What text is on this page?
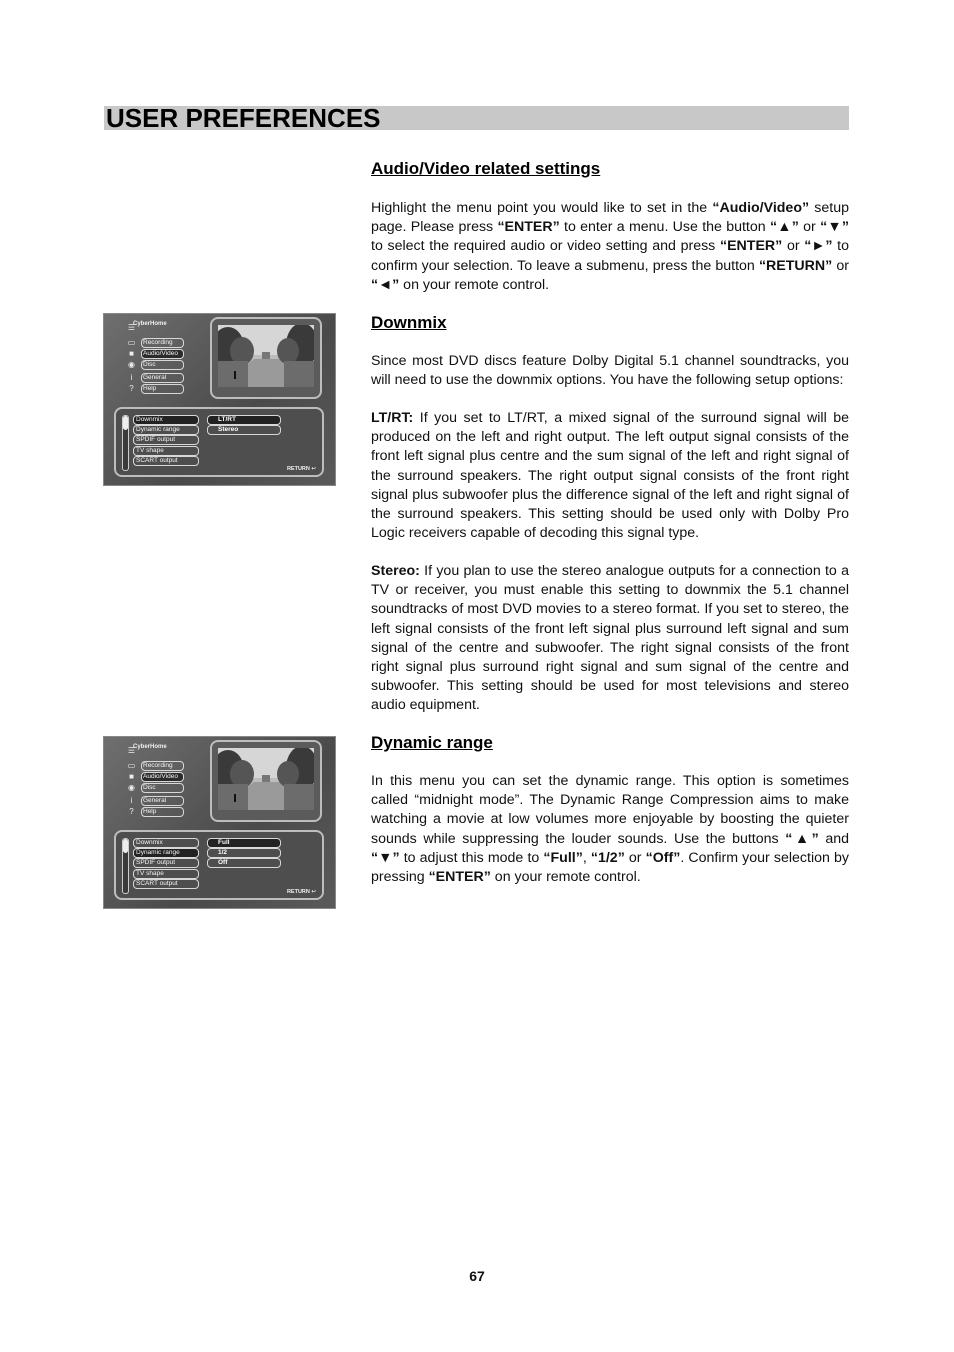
USER PREFERENCES
Audio/Video related settings

Highlight the menu point you would like to set in the “Audio/Video” setup page. Please press “ENTER” to enter a menu. Use the button “▲” or “▼” to select the required audio or video setting and press “ENTER” or “►” to confirm your selection. To leave a submenu, press the button “RETURN” or “◄” on your remote control.

Downmix

Since most DVD discs feature Dolby Digital 5.1 channel soundtracks, you will need to use the downmix options. You have the following setup options:

LT/RT: If you set to LT/RT, a mixed signal of the surround signal will be produced on the left and right output. The left output signal consists of the front left signal plus centre and the sum signal of the left and right signal of the surround speakers. The right output signal consists of the front right signal plus subwoofer plus the difference signal of the left and right signal of the surround speakers. This setting should be used only with Dolby Pro Logic receivers capable of decoding this signal type.

Stereo: If you plan to use the stereo analogue outputs for a connection to a TV or receiver, you must enable this setting to downmix the 5.1 channel soundtracks of most DVD movies to a stereo format. If you set to stereo, the left signal consists of the front left signal plus surround left signal and sum signal of the centre and subwoofer. The right signal consists of the front right signal plus surround right signal and sum signal of the centre and subwoofer. This setting should be used for most televisions and stereo audio equipment.

Dynamic range

In this menu you can set the dynamic range. This option is sometimes called “midnight mode”. The Dynamic Range Compression aims to make watching a movie at low volumes more enjoyable by boosting the quieter sounds while suppressing the louder sounds. Use the buttons “▲” and “▼” to adjust this mode to “Full”, “1/2” or “Off”. Confirm your selection by pressing “ENTER” on your remote control.

☰
CyberHome
▭	Recording
■	Audio/Video
◉	Disc
i	General
?	Help
Downmix
Dynamic range
SPDIF output
TV shape
SCART output
LT/RT
Stereo
RETURN ↩
☰
CyberHome
▭	Recording
■	Audio/Video
◉	Disc
i	General
?	Help
Downmix
Dynamic range
SPDIF output
TV shape
SCART output
Full
1/2
Off
RETURN ↩
67
